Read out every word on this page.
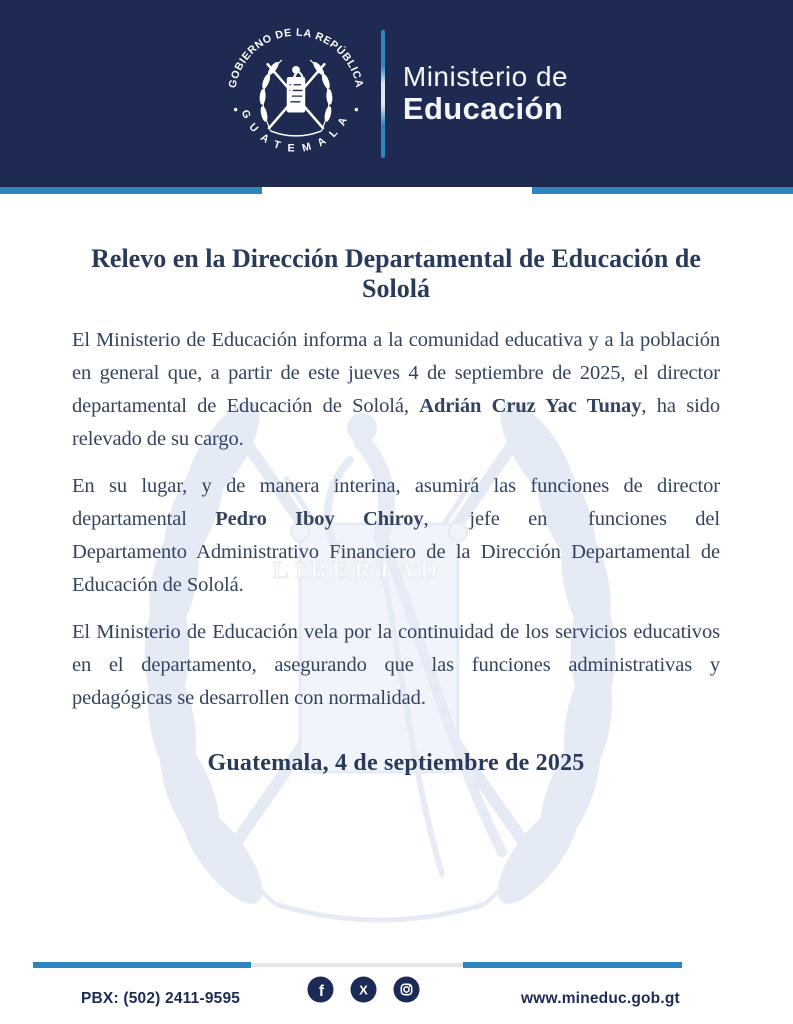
GOBIERNO DE LA REPÚBLICA
GUATEMALA
Ministerio de
Educación
LIBERTAD
Relevo en la Dirección Departamental de Educación de Sololá

El Ministerio de Educación informa a la comunidad educativa y a la población en general que, a partir de este jueves 4 de septiembre de 2025, el director departamental de Educación de Sololá, Adrián Cruz Yac Tunay, ha sido relevado de su cargo.

En su lugar, y de manera interina, asumirá las funciones de director departamental Pedro Iboy Chiroy,  jefe en  funciones del Departamento Administrativo Financiero de la Dirección Departamental de Educación de Sololá.

El Ministerio de Educación vela por la continuidad de los servicios educativos en el departamento, asegurando que las funciones administrativas y pedagógicas se desarrollen con normalidad.

Guatemala, 4 de septiembre de 2025

PBX: (502) 2411-9595	f	X
www.mineduc.gob.gt
